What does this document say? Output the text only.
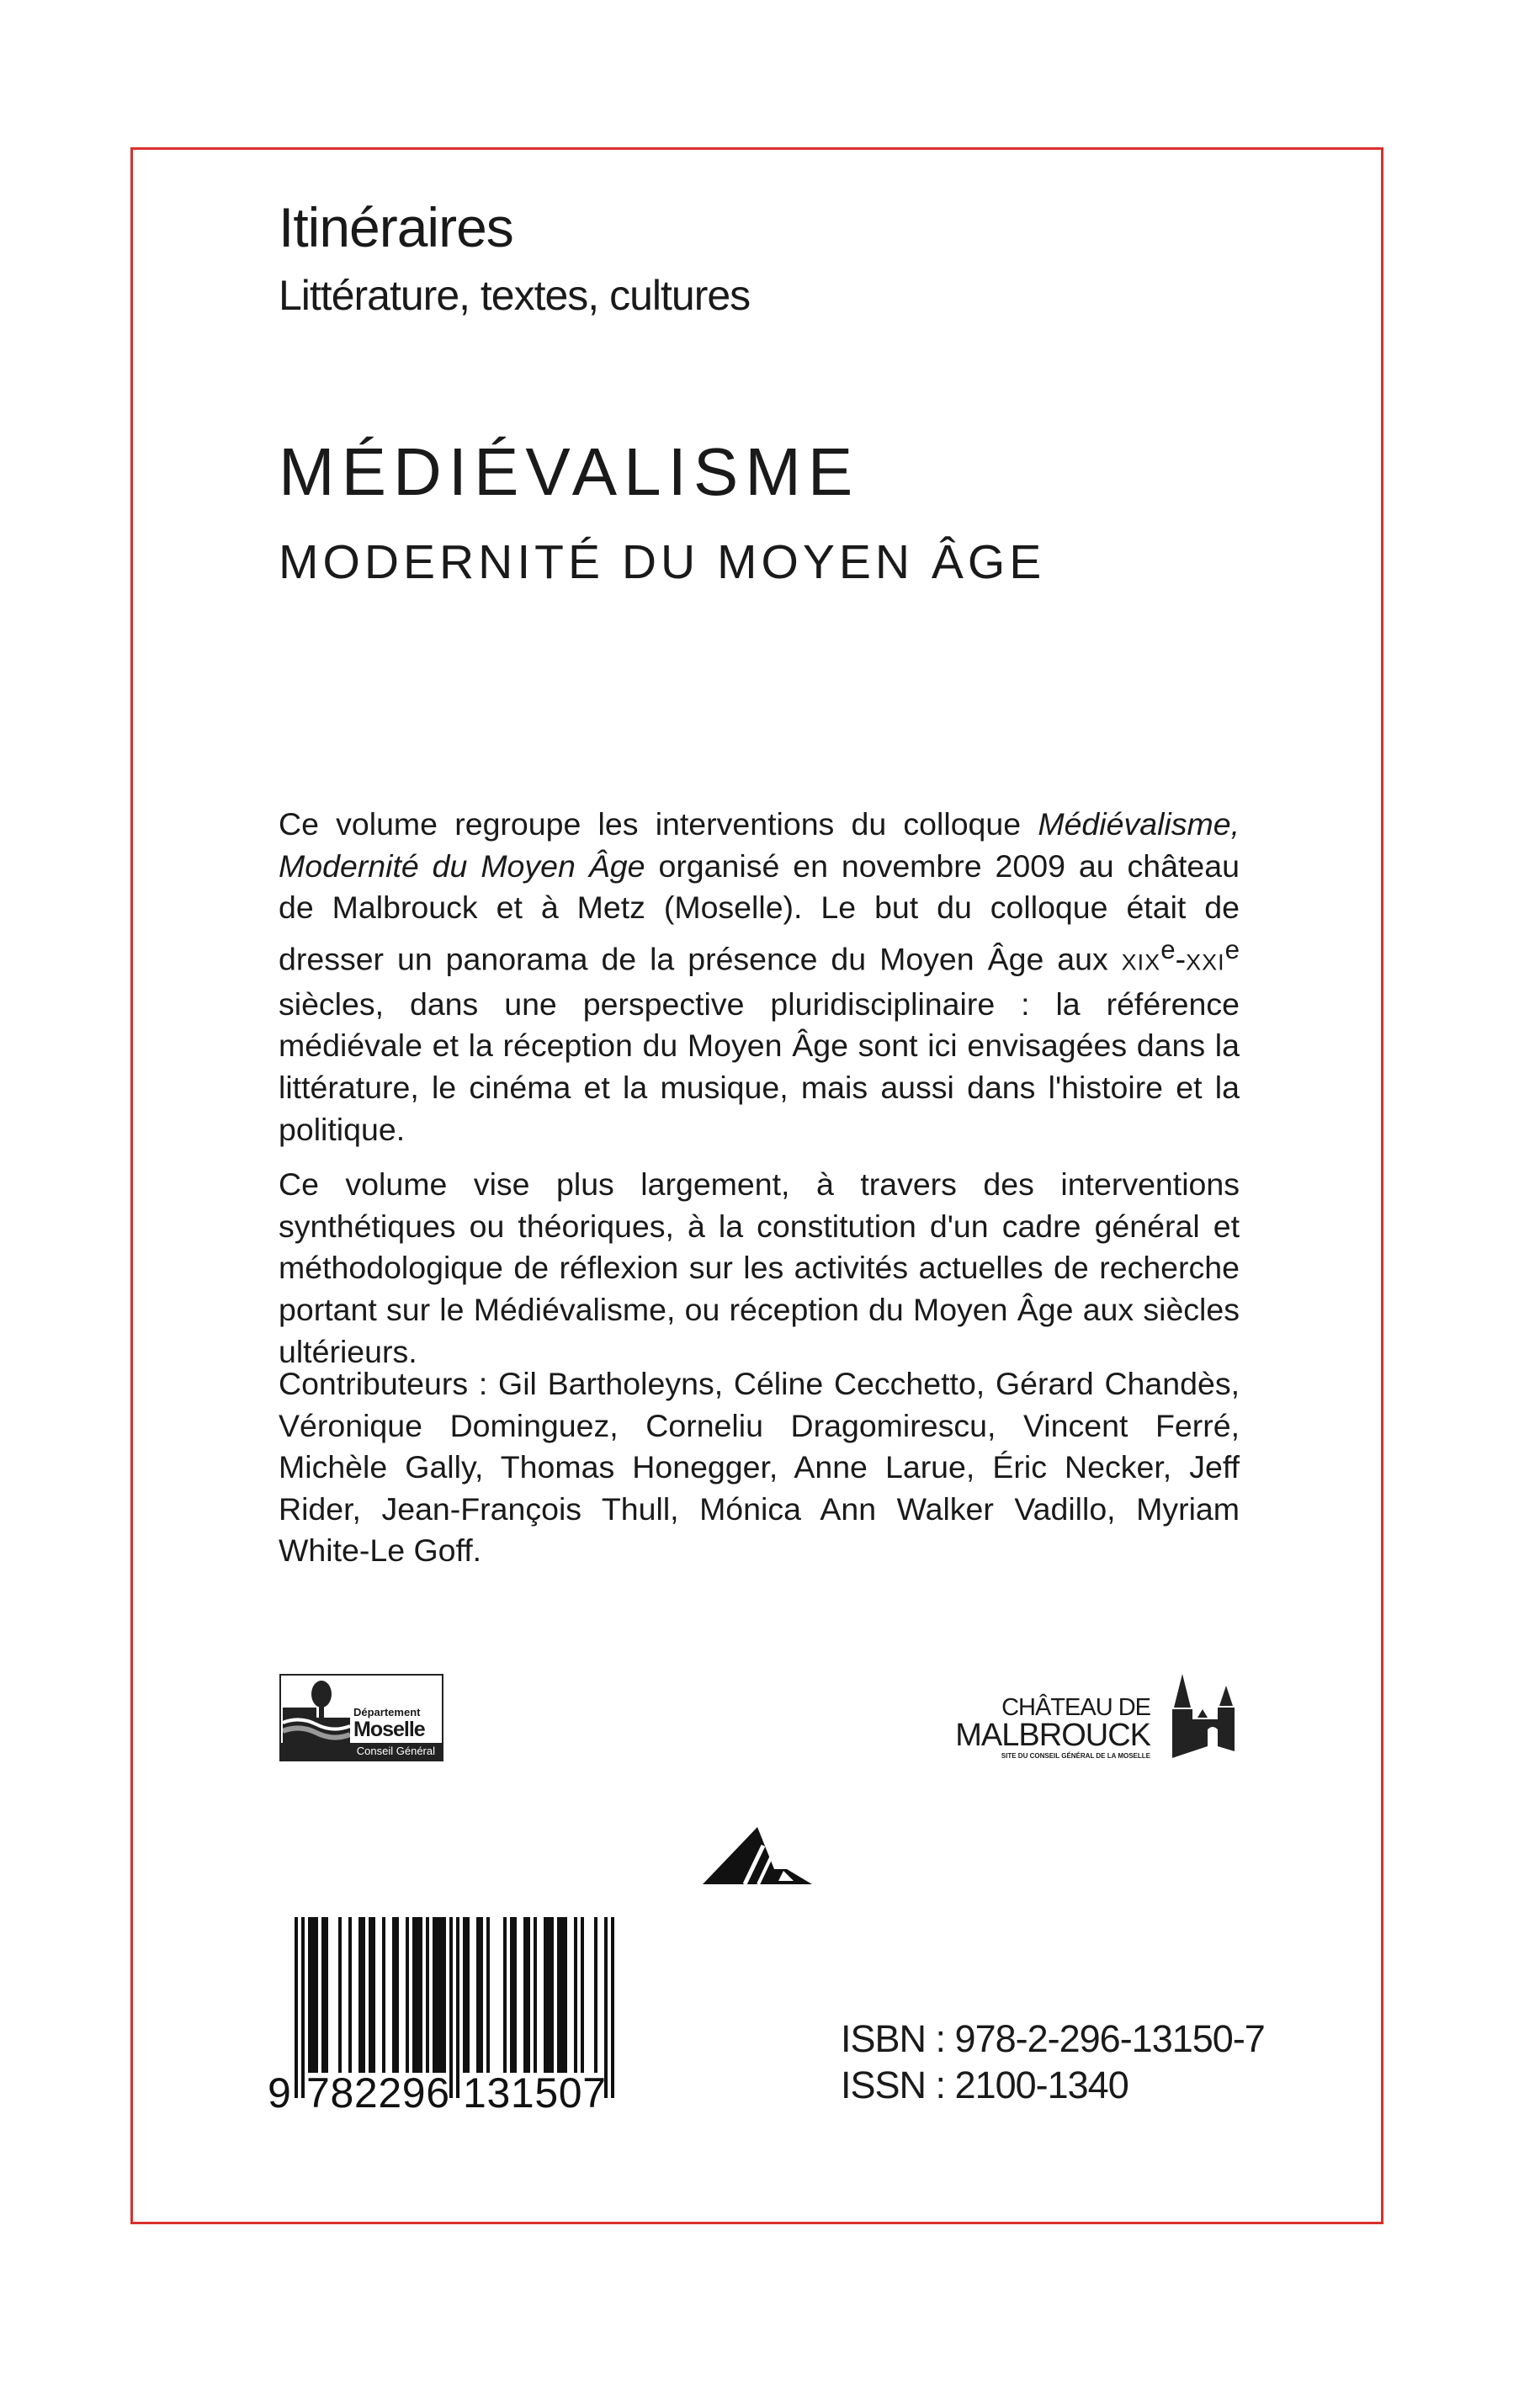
Itinéraires
Littérature, textes, cultures
MÉDIÉVALISME
MODERNITÉ DU MOYEN ÂGE

Ce volume regroupe les interventions du colloque Médiévalisme, Modernité du Moyen Âge organisé en novembre 2009 au château de Malbrouck et à Metz (Moselle). Le but du colloque était de dresser un panorama de la présence du Moyen Âge aux XIXe-XXIe siècles, dans une perspective pluridisciplinaire : la référence médiévale et la réception du Moyen Âge sont ici envisagées dans la littérature, le cinéma et la musique, mais aussi dans l'histoire et la politique.

Ce volume vise plus largement, à travers des interventions synthétiques ou théoriques, à la constitution d'un cadre général et méthodologique de réflexion sur les activités actuelles de recherche portant sur le Médiévalisme, ou réception du Moyen Âge aux siècles ultérieurs.

Contributeurs : Gil Bartholeyns, Céline Cecchetto, Gérard Chandès, Véronique Dominguez, Corneliu Dragomirescu, Vincent Ferré, Michèle Gally, Thomas Honegger, Anne Larue, Éric Necker, Jeff Rider, Jean-François Thull, Mónica Ann Walker Vadillo, Myriam White-Le Goff.
Département
Moselle
Conseil Général
CHÂTEAU DE
MALBROUCK
SITE DU CONSEIL GÉNÉRAL DE LA MOSELLE
9 782296 131507
ISBN : 978-2-296-13150-7
ISSN : 2100-1340
